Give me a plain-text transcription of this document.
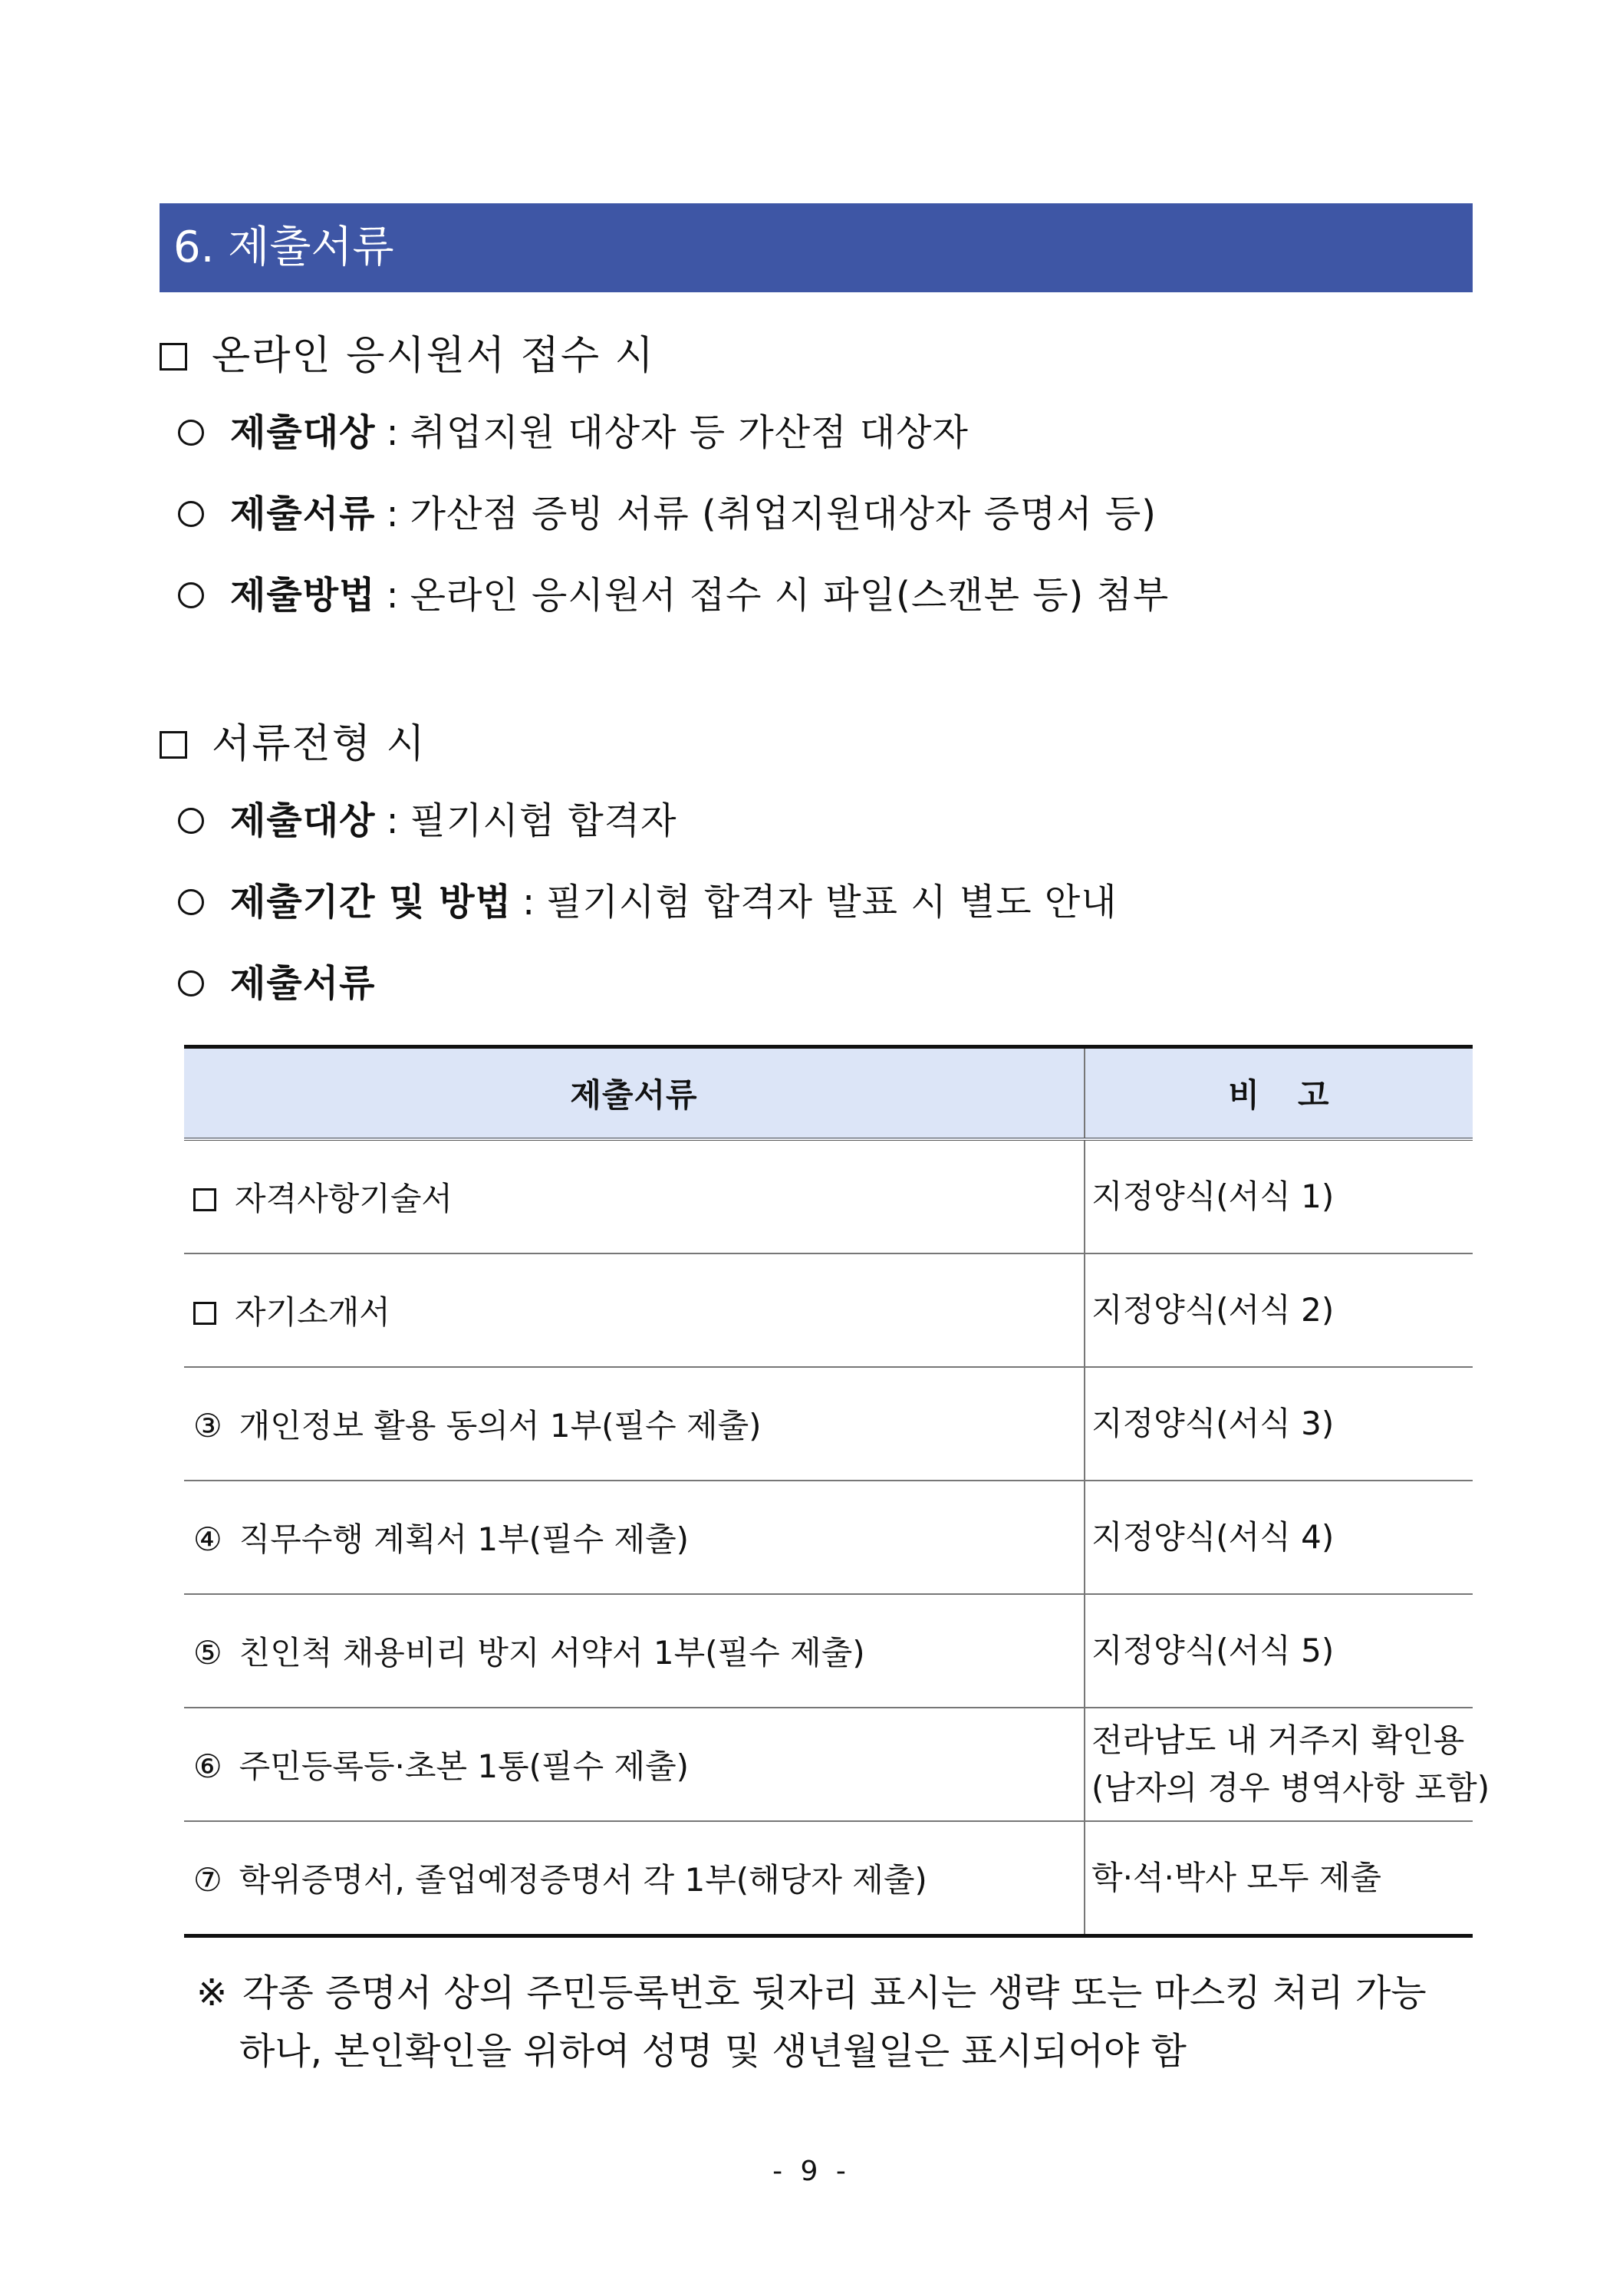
6. 제출서류
온라인 응시원서 접수 시
제출대상 : 취업지원 대상자 등 가산점 대상자
제출서류 : 가산점 증빙 서류 (취업지원대상자 증명서 등)
제출방법 : 온라인 응시원서 접수 시 파일(스캔본 등) 첨부
서류전형 시
제출대상 : 필기시험 합격자
제출기간 및 방법 : 필기시험 합격자 발표 시 별도 안내
제출서류
제출서류	비고
자격사항기술서	지정양식(서식 1)
자기소개서	지정양식(서식 2)
③ 개인정보 활용 동의서 1부(필수 제출)	지정양식(서식 3)
④ 직무수행 계획서 1부(필수 제출)	지정양식(서식 4)
⑤ 친인척 채용비리 방지 서약서 1부(필수 제출)	지정양식(서식 5)
⑥ 주민등록등·초본 1통(필수 제출)	전라남도 내 거주지 확인용
(남자의 경우 병역사항 포함)
⑦ 학위증명서, 졸업예정증명서 각 1부(해당자 제출)	학·석·박사 모두 제출
※ 각종 증명서 상의 주민등록번호 뒷자리 표시는 생략 또는 마스킹 처리 가능
하나, 본인확인을 위하여 성명 및 생년월일은 표시되어야 함
- 9 -
